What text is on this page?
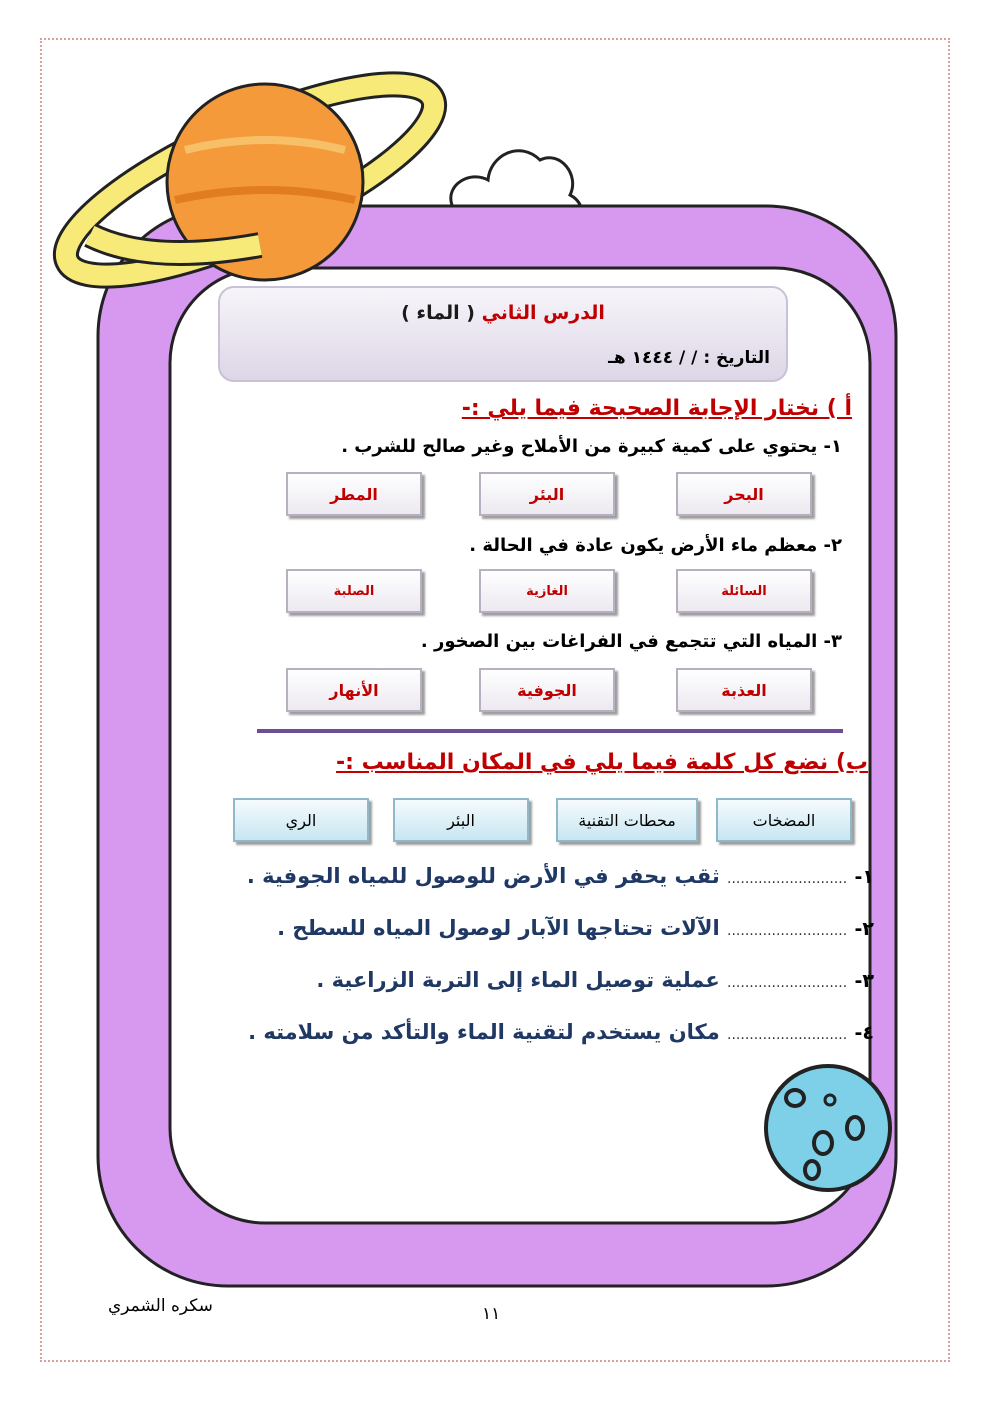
الدرس الثاني ( الماء )
التاريخ : / / ١٤٤٤ هـ
أ ) نختار الإجابة الصحيحة فيما يلي :-
١- يحتوي على كمية كبيرة من الأملاح وغير صالح للشرب .
البحر
البئر
المطر
٢- معظم ماء الأرض يكون عادة في الحالة .
السائلة
الغازية
الصلبة
٣- المياه التي تتجمع في الفراغات بين الصخور .
العذبة
الجوفية
الأنهار
ب) نضع كل كلمة فيما يلي في المكان المناسب :-
المضخات
محطات التقنية
البئر
الري
١- ........................... ثقب يحفر في الأرض للوصول للمياه الجوفية .
٢- ........................... الآلات تحتاجها الآبار لوصول المياه للسطح .
٣- ........................... عملية توصيل الماء إلى التربة الزراعية .
٤- ........................... مكان يستخدم لتقنية الماء والتأكد من سلامته .
سكره الشمري	١١
